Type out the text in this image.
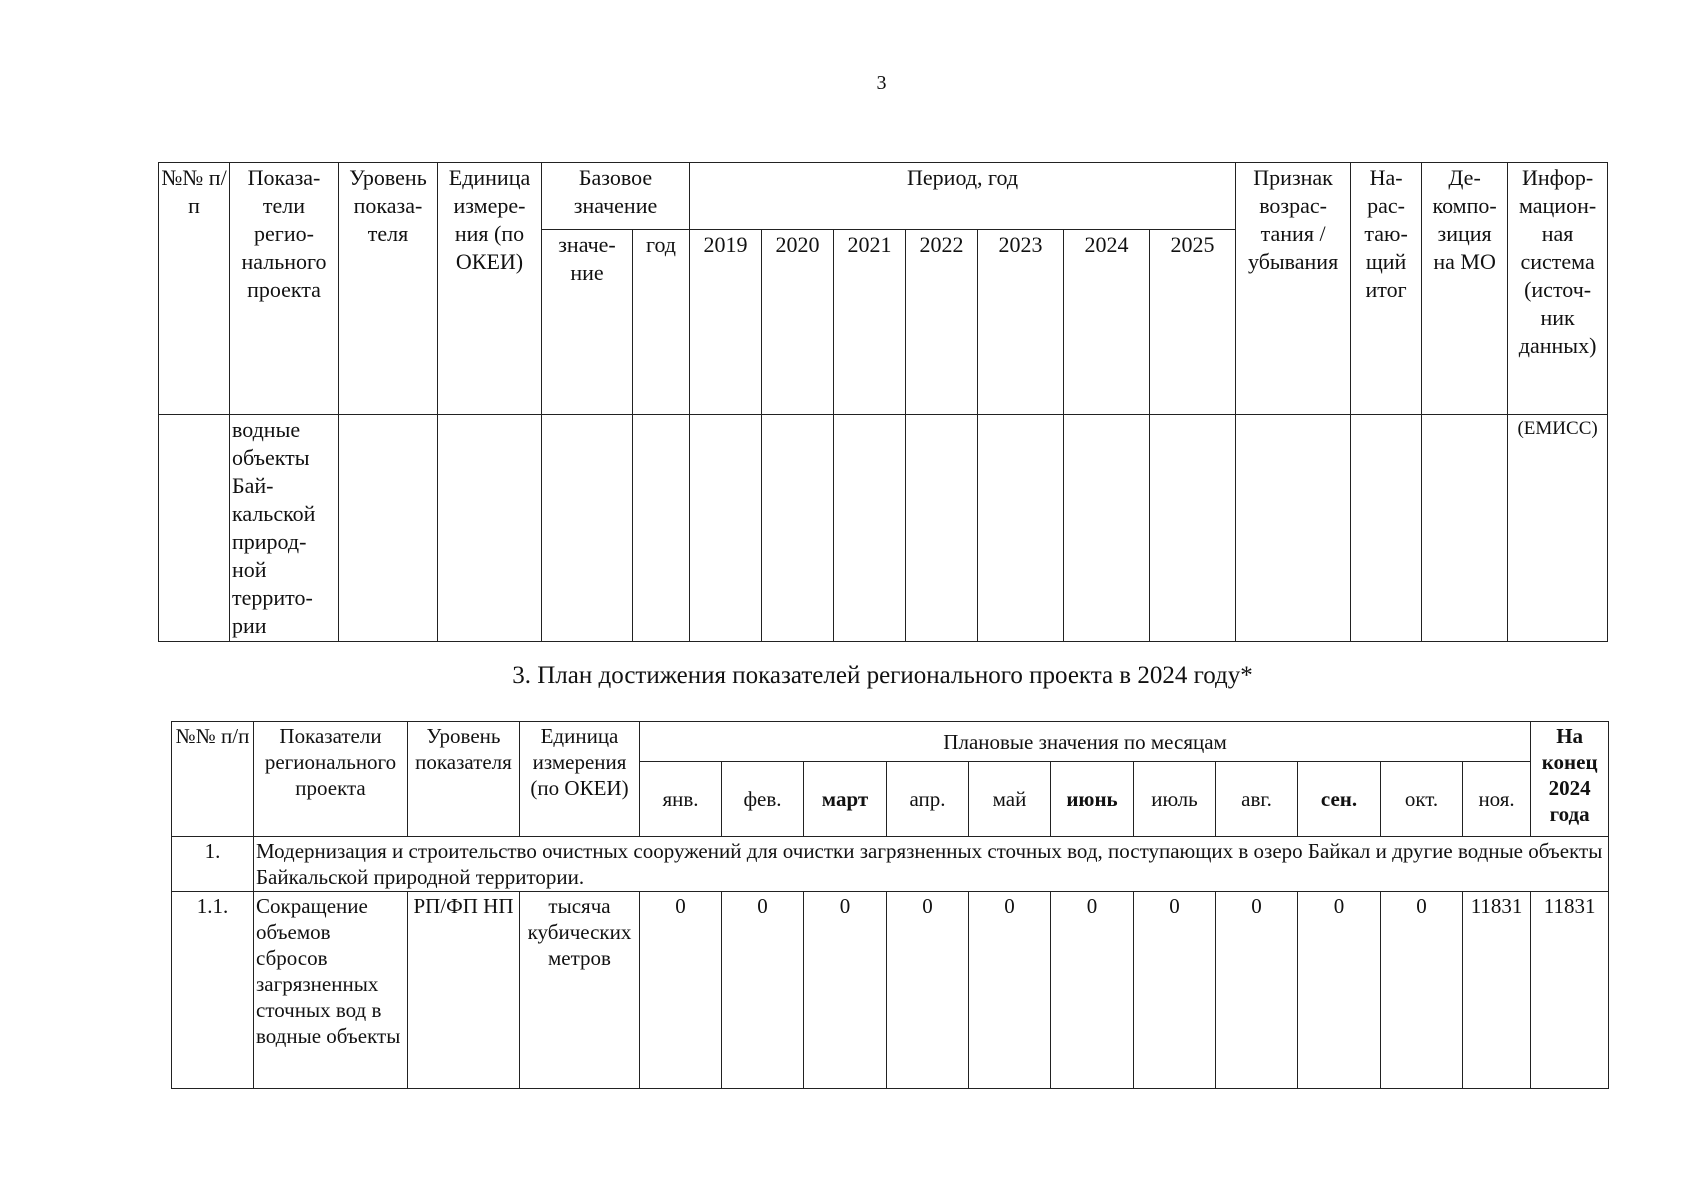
3
№№ п/п	Показа-тели регио-нального проекта	Уровень показа-теля	Единица измере-ния (по ОКЕИ)	Базовое значение		Период, год							Признак возрас-тания /убывания	На-рас-таю-щий итог	Де-компо-зиция на МО	Инфор-мацион-ная система (источ-ник данных)
				значе-ние	год	2019	2020	2021	2022	2023	2024	2025				
	водные объекты Бай-кальской природ-ной террито-рии															(ЕМИСС)
3. План достижения показателей регионального проекта в 2024 году*
№№ п/п	Показатели регионального проекта	Уровень показателя	Единица измерения (по ОКЕИ)	Плановые значения по месяцам											На конец 2024 года
				янв.	фев.	март	апр.	май	июнь	июль	авг.	сен.	окт.	ноя.	
1.	Модернизация и строительство очистных сооружений для очистки загрязненных сточных вод, поступающих в озеро Байкал и другие водные объекты Байкальской природной территории.														
1.1.	Сокращение объемов сбросов загрязненных сточных вод в водные объекты	РП/ФП НП	тысяча кубических метров	0	0	0	0	0	0	0	0	0	0	11831	11831
